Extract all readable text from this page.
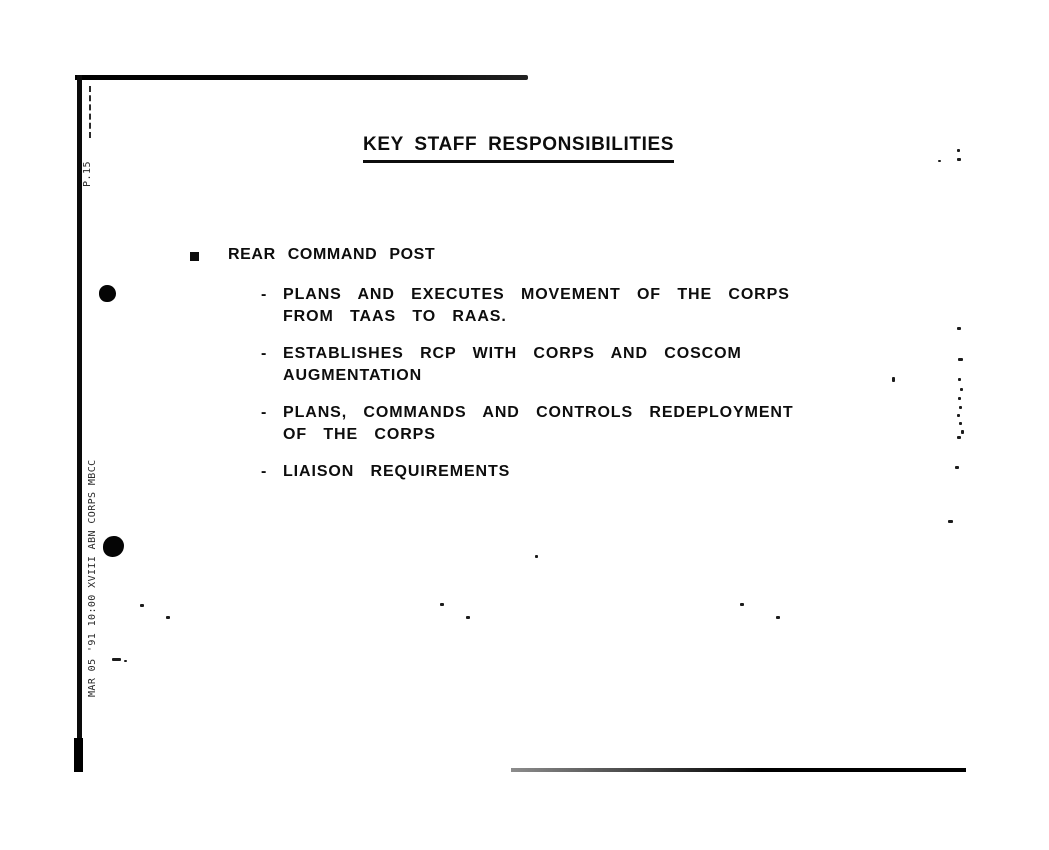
P.15
MAR 05 '91 10:00 XVIII ABN CORPS MBCC
KEY STAFF RESPONSIBILITIES
REAR COMMAND POST
- PLANS AND EXECUTES MOVEMENT OF THE CORPS
FROM TAAS TO RAAS.
- ESTABLISHES RCP WITH CORPS AND COSCOM
AUGMENTATION
- PLANS, COMMANDS AND CONTROLS REDEPLOYMENT
OF THE CORPS
- LIAISON REQUIREMENTS
